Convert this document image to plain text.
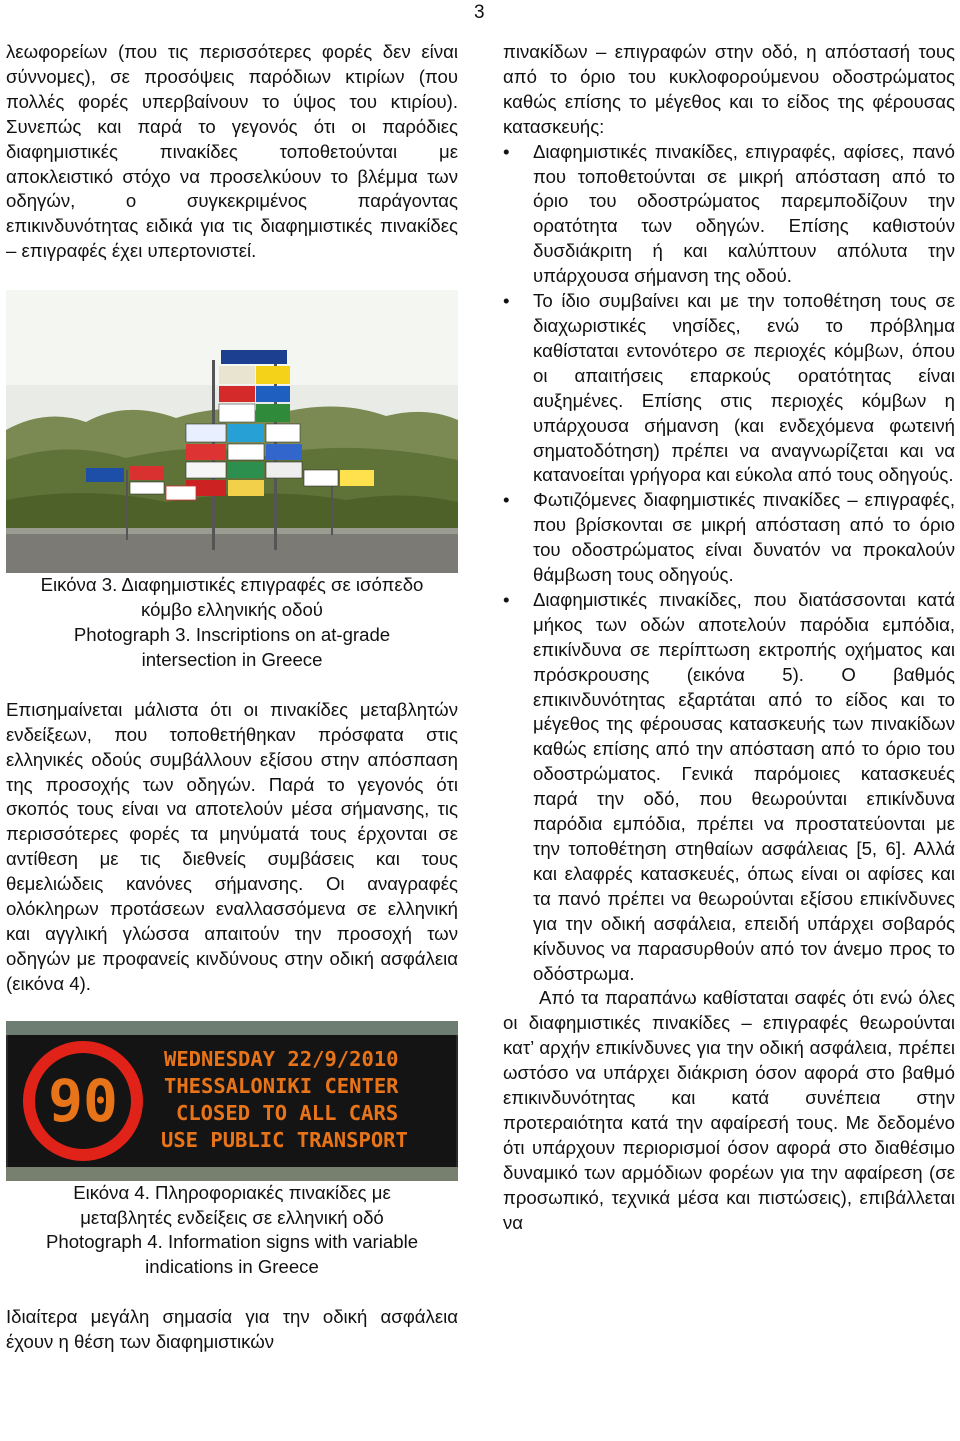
3

λεωφορείων (που τις περισσότερες φορές δεν είναι σύννομες), σε προσόψεις παρόδιων κτιρίων (που πολλές φορές υπερβαίνουν το ύψος του κτιρίου). Συνεπώς και παρά το γεγονός ότι οι παρόδιες διαφημιστικές πινακίδες τοποθετούνται με αποκλειστικό στόχο να προσελκύουν το βλέμμα των οδηγών, ο συγκεκριμένος παράγοντας επικινδυνότητας ειδικά για τις διαφημιστικές πινακίδες – επιγραφές έχει υπερτονιστεί.

Εικόνα 3. Διαφημιστικές επιγραφές σε ισόπεδο
κόμβο ελληνικής οδού
Photograph 3. Inscriptions on at-grade
intersection in Greece

Επισημαίνεται μάλιστα ότι οι πινακίδες μεταβλητών ενδείξεων, που τοποθετήθηκαν πρόσφατα στις ελληνικές οδούς συμβάλλουν εξίσου στην απόσπαση της προσοχής των οδηγών. Παρά το γεγονός ότι σκοπός τους είναι να αποτελούν μέσα σήμανσης, τις περισσότερες φορές τα μηνύματά τους έρχονται σε αντίθεση με τις διεθνείς συμβάσεις και τους θεμελιώδεις κανόνες σήμανσης. Οι αναγραφές ολόκληρων προτάσεων εναλλασσόμενα σε ελληνική και αγγλική γλώσσα απαιτούν την προσοχή των οδηγών με προφανείς κινδύνους στην οδική ασφάλεια (εικόνα 4).

90
WEDNESDAY 22/9/2010
THESSALONIKI CENTER
CLOSED TO ALL CARS
USE PUBLIC TRANSPORT
Εικόνα 4. Πληροφοριακές πινακίδες με
μεταβλητές ενδείξεις σε ελληνική οδό
Photograph 4. Information signs with variable
indications in Greece

Ιδιαίτερα μεγάλη σημασία για την οδική ασφάλεια έχουν η θέση των διαφημιστικών

πινακίδων – επιγραφών στην οδό, η απόστασή τους από το όριο του κυκλοφορούμενου οδοστρώματος καθώς επίσης το μέγεθος και το είδος της φέρουσας κατασκευής:

•	Διαφημιστικές πινακίδες, επιγραφές, αφίσες, πανό που τοποθετούνται σε μικρή απόσταση από το όριο του οδοστρώματος παρεμποδίζουν την ορατότητα των οδηγών. Επίσης καθιστούν δυσδιάκριτη ή και καλύπτουν απόλυτα την υπάρχουσα σήμανση της οδού.
•	Το ίδιο συμβαίνει και με την τοποθέτηση τους σε διαχωριστικές νησίδες, ενώ το πρόβλημα καθίσταται εντονότερο σε περιοχές κόμβων, όπου οι απαιτήσεις επαρκούς ορατότητας είναι αυξημένες. Επίσης στις περιοχές κόμβων η υπάρχουσα σήμανση (και ενδεχόμενα φωτεινή σηματοδότηση) πρέπει να αναγνωρίζεται και να κατανοείται γρήγορα και εύκολα από τους οδηγούς.
•	Φωτιζόμενες διαφημιστικές πινακίδες – επιγραφές, που βρίσκονται σε μικρή απόσταση από το όριο του οδοστρώματος είναι δυνατόν να προκαλούν θάμβωση τους οδηγούς.
•	Διαφημιστικές πινακίδες, που διατάσσονται κατά μήκος των οδών αποτελούν παρόδια εμπόδια, επικίνδυνα σε περίπτωση εκτροπής οχήματος και πρόσκρουσης (εικόνα 5). Ο βαθμός επικινδυνότητας εξαρτάται από το είδος και το μέγεθος της φέρουσας κατασκευής των πινακίδων καθώς επίσης από την απόσταση από το όριο του οδοστρώματος. Γενικά παρόμοιες κατασκευές παρά την οδό, που θεωρούνται επικίνδυνα παρόδια εμπόδια, πρέπει να προστατεύονται με την τοποθέτηση στηθαίων ασφάλειας [5, 6]. Αλλά και ελαφρές κατασκευές, όπως είναι οι αφίσες και τα πανό πρέπει να θεωρούνται εξίσου επικίνδυνες για την οδική ασφάλεια, επειδή υπάρχει σοβαρός κίνδυνος να παρασυρθούν από τον άνεμο προς το οδόστρωμα.

Από τα παραπάνω καθίσταται σαφές ότι ενώ όλες οι διαφημιστικές πινακίδες – επιγραφές θεωρούνται κατ’ αρχήν επικίνδυνες για την οδική ασφάλεια, πρέπει ωστόσο να υπάρχει διάκριση όσον αφορά στο βαθμό επικινδυνότητας και κατά συνέπεια στην προτεραιότητα κατά την αφαίρεσή τους. Με δεδομένο ότι υπάρχουν περιορισμοί όσον αφορά στο διαθέσιμο δυναμικό των αρμόδιων φορέων για την αφαίρεση (σε προσωπικό, τεχνικά μέσα και πιστώσεις), επιβάλλεται να
